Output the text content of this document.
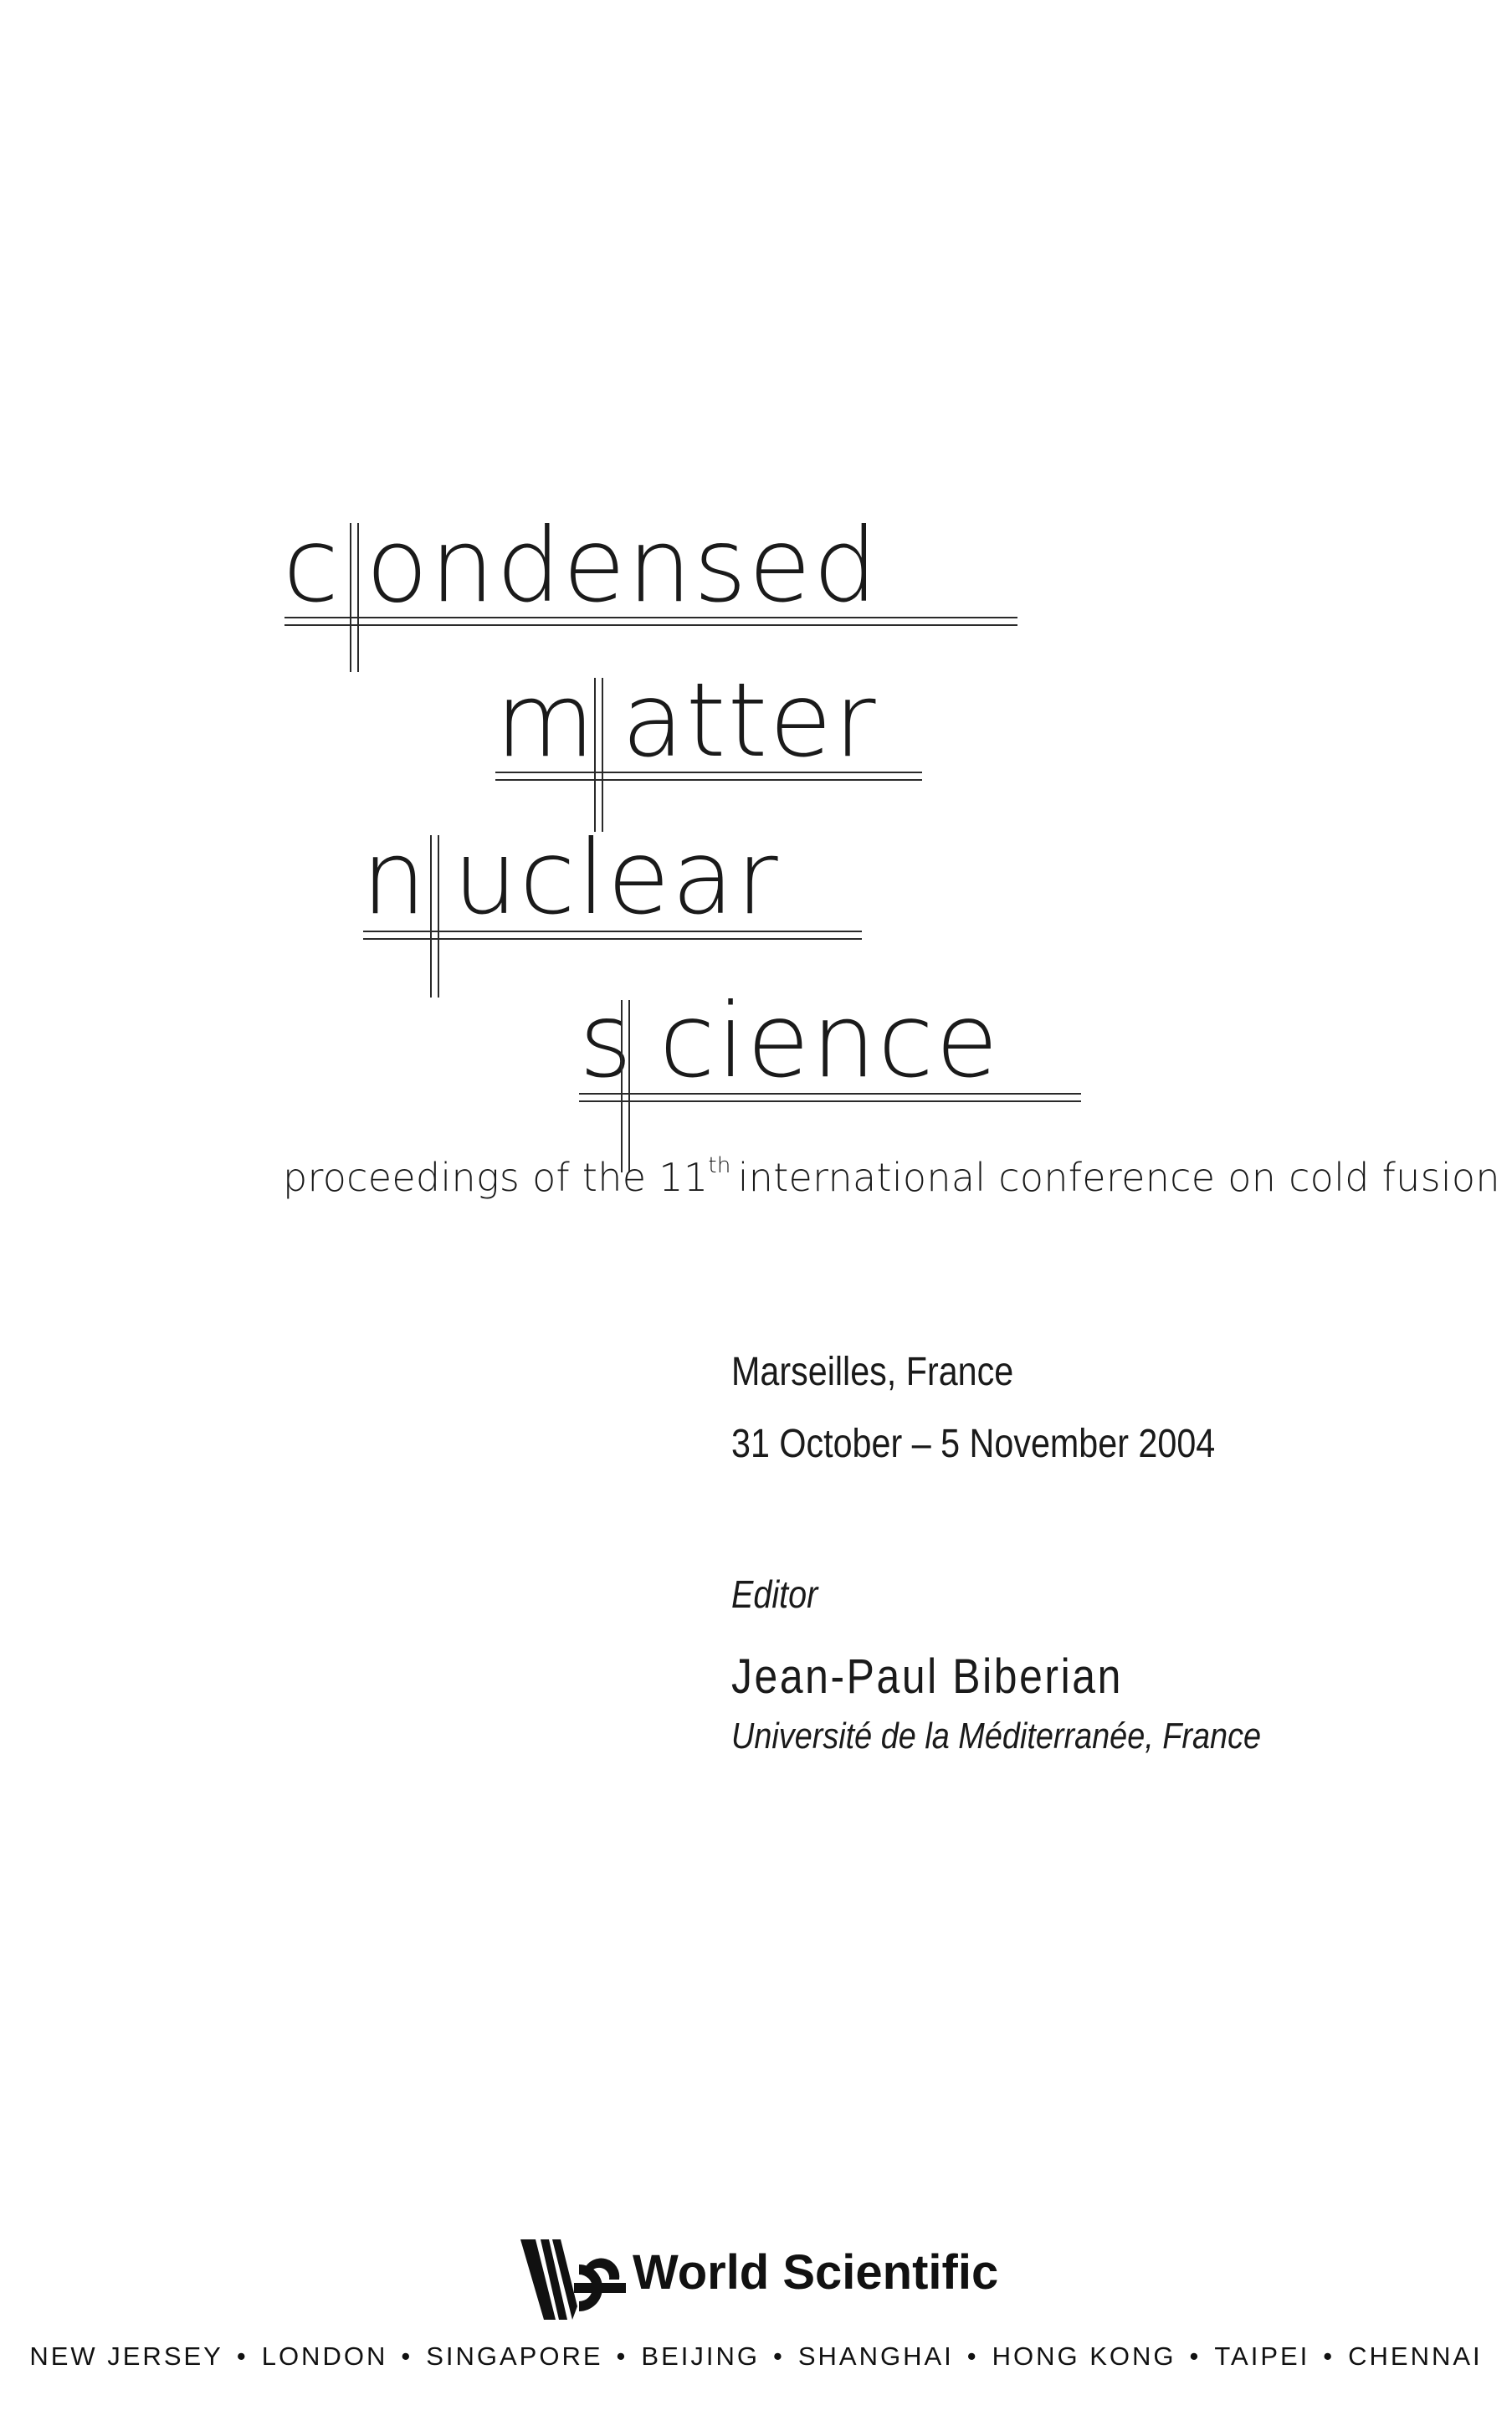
c ondensed
m atter
n uclear
s cience
proceedings of the 11th international conference on cold fusion
Marseilles, France
31 October – 5 November 2004
Editor
Jean-Paul Biberian
Université de la Méditerranée, France
World Scientific
NEW JERSEY • LONDON • SINGAPORE • BEIJING • SHANGHAI • HONG KONG • TAIPEI • CHENNAI
